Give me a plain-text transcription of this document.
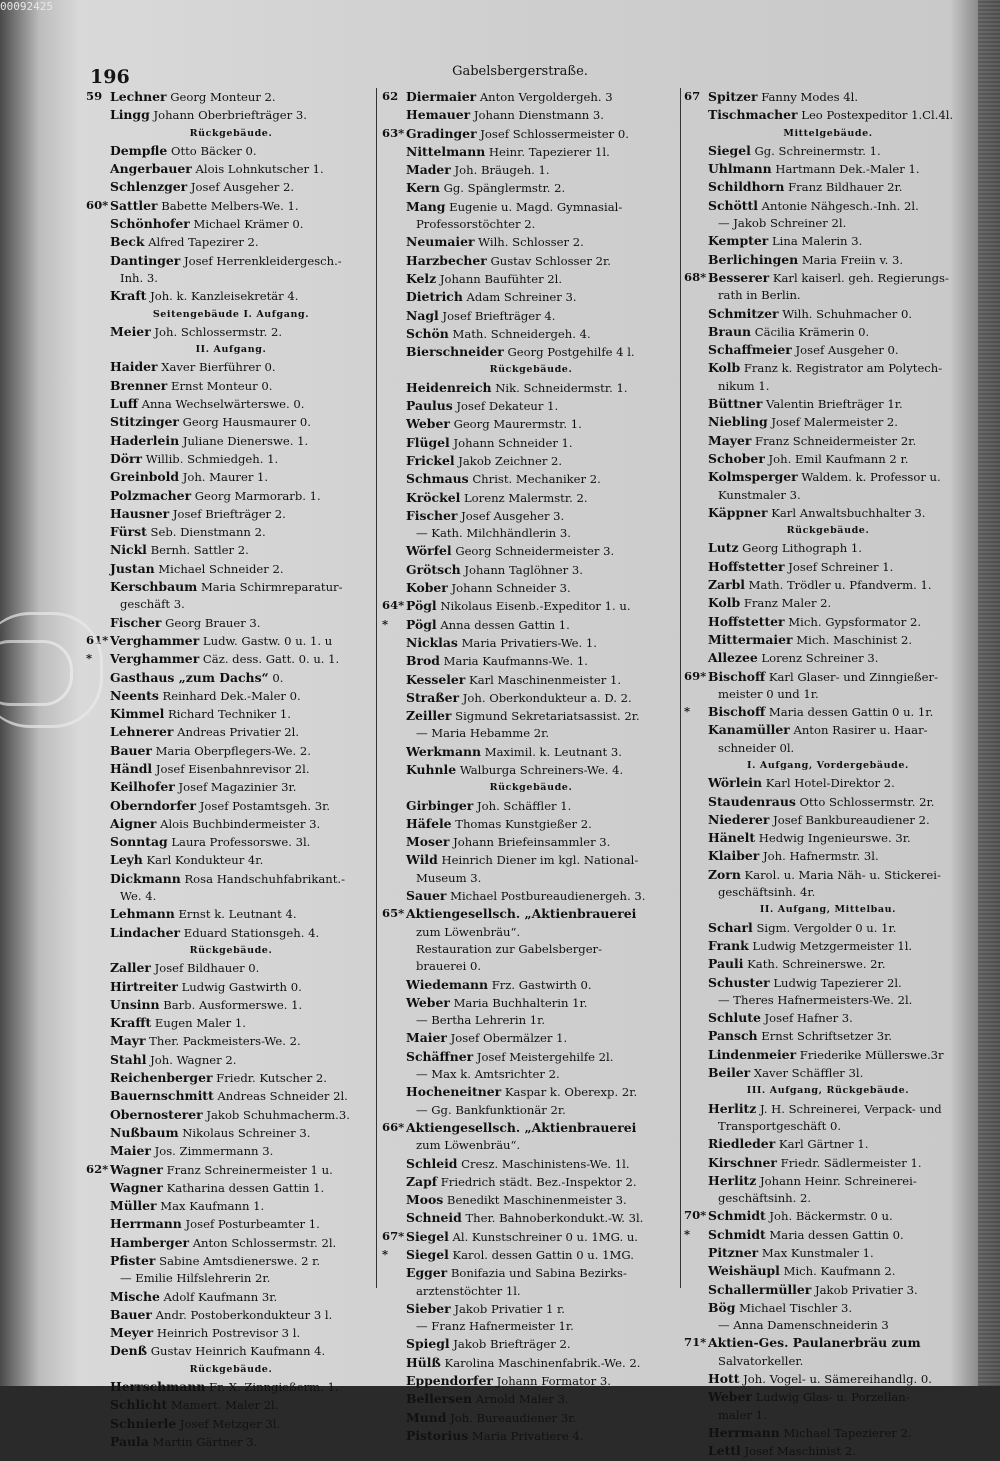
00092425
196	Gabelsbergerstraße.
59 Lechner Georg Monteur 2.
Lingg Johann Oberbriefträger 3.
Rückgebäude.
Dempfle Otto Bäcker 0.
Angerbauer Alois Lohnkutscher 1.
Schlenzger Josef Ausgeher 2.
60* Sattler Babette Melbers-We. 1.
Schönhofer Michael Krämer 0.
Beck Alfred Tapezirer 2.
Dantinger Josef Herrenkleidergesch.-
Inh. 3.
Kraft Joh. k. Kanzleisekretär 4.
Seitengebäude I. Aufgang.
Meier Joh. Schlossermstr. 2.
II. Aufgang.
Haider Xaver Bierführer 0.
Brenner Ernst Monteur 0.
Luff Anna Wechselwärterswe. 0.
Stitzinger Georg Hausmaurer 0.
Haderlein Juliane Dienerswe. 1.
Dörr Willib. Schmiedgeh. 1.
Greinbold Joh. Maurer 1.
Polzmacher Georg Marmorarb. 1.
Hausner Josef Briefträger 2.
Fürst Seb. Dienstmann 2.
Nickl Bernh. Sattler 2.
Justan Michael Schneider 2.
Kerschbaum Maria Schirmreparatur-
geschäft 3.
Fischer Georg Brauer 3.
61* Verghammer Ludw. Gastw. 0 u. 1. u
* Verghammer Cäz. dess. Gatt. 0. u. 1.
Gasthaus „zum Dachs“ 0.
Neents Reinhard Dek.-Maler 0.
Kimmel Richard Techniker 1.
Lehnerer Andreas Privatier 2l.
Bauer Maria Oberpflegers-We. 2.
Händl Josef Eisenbahnrevisor 2l.
Keilhofer Josef Magazinier 3r.
Oberndorfer Josef Postamtsgeh. 3r.
Aigner Alois Buchbindermeister 3.
Sonntag Laura Professorswe. 3l.
Leyh Karl Kondukteur 4r.
Dickmann Rosa Handschuhfabrikant.-
We. 4.
Lehmann Ernst k. Leutnant 4.
Lindacher Eduard Stationsgeh. 4.
Rückgebäude.
Zaller Josef Bildhauer 0.
Hirtreiter Ludwig Gastwirth 0.
Unsinn Barb. Ausformerswe. 1.
Krafft Eugen Maler 1.
Mayr Ther. Packmeisters-We. 2.
Stahl Joh. Wagner 2.
Reichenberger Friedr. Kutscher 2.
Bauernschmitt Andreas Schneider 2l.
Obernosterer Jakob Schuhmacherm.3.
Nußbaum Nikolaus Schreiner 3.
Maier Jos. Zimmermann 3.
62* Wagner Franz Schreinermeister 1 u.
Wagner Katharina dessen Gattin 1.
Müller Max Kaufmann 1.
Herrmann Josef Posturbeamter 1.
Hamberger Anton Schlossermstr. 2l.
Pfister Sabine Amtsdienerswe. 2 r.
— Emilie Hilfslehrerin 2r.
Mische Adolf Kaufmann 3r.
Bauer Andr. Postoberkondukteur 3 l.
Meyer Heinrich Postrevisor 3 l.
Denß Gustav Heinrich Kaufmann 4.
Rückgebäude.
Herrschmann Fr. X. Zinngießerm. 1.
Schlicht Mamert. Maler 2l.
Schnierle Josef Metzger 3l.
Paula Martin Gärtner 3.
62 Diermaier Anton Vergoldergeh. 3
Hemauer Johann Dienstmann 3.
63* Gradinger Josef Schlossermeister 0.
Nittelmann Heinr. Tapezierer 1l.
Mader Joh. Bräugeh. 1.
Kern Gg. Spänglermstr. 2.
Mang Eugenie u. Magd. Gymnasial-
Professorstöchter 2.
Neumaier Wilh. Schlosser 2.
Harzbecher Gustav Schlosser 2r.
Kelz Johann Baufühter 2l.
Dietrich Adam Schreiner 3.
Nagl Josef Briefträger 4.
Schön Math. Schneidergeh. 4.
Bierschneider Georg Postgehilfe 4 l.
Rückgebäude.
Heidenreich Nik. Schneidermstr. 1.
Paulus Josef Dekateur 1.
Weber Georg Maurermstr. 1.
Flügel Johann Schneider 1.
Frickel Jakob Zeichner 2.
Schmaus Christ. Mechaniker 2.
Kröckel Lorenz Malermstr. 2.
Fischer Josef Ausgeher 3.
— Kath. Milchhändlerin 3.
Wörfel Georg Schneidermeister 3.
Grötsch Johann Taglöhner 3.
Kober Johann Schneider 3.
64* Pögl Nikolaus Eisenb.-Expeditor 1. u.
* Pögl Anna dessen Gattin 1.
Nicklas Maria Privatiers-We. 1.
Brod Maria Kaufmanns-We. 1.
Kesseler Karl Maschinenmeister 1.
Straßer Joh. Oberkondukteur a. D. 2.
Zeiller Sigmund Sekretariatsassist. 2r.
— Maria Hebamme 2r.
Werkmann Maximil. k. Leutnant 3.
Kuhnle Walburga Schreiners-We. 4.
Rückgebäude.
Girbinger Joh. Schäffler 1.
Häfele Thomas Kunstgießer 2.
Moser Johann Briefeinsammler 3.
Wild Heinrich Diener im kgl. National-
Museum 3.
Sauer Michael Postbureaudienergeh. 3.
65* Aktiengesellsch. „Aktienbrauerei
zum Löwenbräu“.
Restauration zur Gabelsberger-
brauerei 0.
Wiedemann Frz. Gastwirth 0.
Weber Maria Buchhalterin 1r.
— Bertha Lehrerin 1r.
Maier Josef Obermälzer 1.
Schäffner Josef Meistergehilfe 2l.
— Max k. Amtsrichter 2.
Hocheneitner Kaspar k. Oberexp. 2r.
— Gg. Bankfunktionär 2r.
66* Aktiengesellsch. „Aktienbrauerei
zum Löwenbräu“.
Schleid Cresz. Maschinistens-We. 1l.
Zapf Friedrich städt. Bez.-Inspektor 2.
Moos Benedikt Maschinenmeister 3.
Schneid Ther. Bahnoberkondukt.-W. 3l.
67* Siegel Al. Kunstschreiner 0 u. 1MG. u.
* Siegel Karol. dessen Gattin 0 u. 1MG.
Egger Bonifazia und Sabina Bezirks-
arztenstöchter 1l.
Sieber Jakob Privatier 1 r.
— Franz Hafnermeister 1r.
Spiegl Jakob Briefträger 2.
Hülß Karolina Maschinenfabrik.-We. 2.
Eppendorfer Johann Formator 3.
Bellersen Arnold Maler 3.
Mund Joh. Bureaudiener 3r.
Pistorius Maria Privatiere 4.
67 Spitzer Fanny Modes 4l.
Tischmacher Leo Postexpeditor 1.Cl.4l.
Mittelgebäude.
Siegel Gg. Schreinermstr. 1.
Uhlmann Hartmann Dek.-Maler 1.
Schildhorn Franz Bildhauer 2r.
Schöttl Antonie Nähgesch.-Inh. 2l.
— Jakob Schreiner 2l.
Kempter Lina Malerin 3.
Berlichingen Maria Freiin v. 3.
68* Besserer Karl kaiserl. geh. Regierungs-
rath in Berlin.
Schmitzer Wilh. Schuhmacher 0.
Braun Cäcilia Krämerin 0.
Schaffmeier Josef Ausgeher 0.
Kolb Franz k. Registrator am Polytech-
nikum 1.
Büttner Valentin Briefträger 1r.
Niebling Josef Malermeister 2.
Mayer Franz Schneidermeister 2r.
Schober Joh. Emil Kaufmann 2 r.
Kolmsperger Waldem. k. Professor u.
Kunstmaler 3.
Käppner Karl Anwaltsbuchhalter 3.
Rückgebäude.
Lutz Georg Lithograph 1.
Hoffstetter Josef Schreiner 1.
Zarbl Math. Trödler u. Pfandverm. 1.
Kolb Franz Maler 2.
Hoffstetter Mich. Gypsformator 2.
Mittermaier Mich. Maschinist 2.
Allezee Lorenz Schreiner 3.
69* Bischoff Karl Glaser- und Zinngießer-
meister 0 und 1r.
* Bischoff Maria dessen Gattin 0 u. 1r.
Kanamüller Anton Rasirer u. Haar-
schneider 0l.
I. Aufgang, Vordergebäude.
Wörlein Karl Hotel-Direktor 2.
Staudenraus Otto Schlossermstr. 2r.
Niederer Josef Bankbureaudiener 2.
Hänelt Hedwig Ingenieurswe. 3r.
Klaiber Joh. Hafnermstr. 3l.
Zorn Karol. u. Maria Näh- u. Stickerei-
geschäftsinh. 4r.
II. Aufgang, Mittelbau.
Scharl Sigm. Vergolder 0 u. 1r.
Frank Ludwig Metzgermeister 1l.
Pauli Kath. Schreinerswe. 2r.
Schuster Ludwig Tapezierer 2l.
— Theres Hafnermeisters-We. 2l.
Schlute Josef Hafner 3.
Pansch Ernst Schriftsetzer 3r.
Lindenmeier Friederike Müllerswe.3r
Beiler Xaver Schäffler 3l.
III. Aufgang, Rückgebäude.
Herlitz J. H. Schreinerei, Verpack- und
Transportgeschäft 0.
Riedleder Karl Gärtner 1.
Kirschner Friedr. Sädlermeister 1.
Herlitz Johann Heinr. Schreinerei-
geschäftsinh. 2.
70* Schmidt Joh. Bäckermstr. 0 u.
* Schmidt Maria dessen Gattin 0.
Pitzner Max Kunstmaler 1.
Weishäupl Mich. Kaufmann 2.
Schallermüller Jakob Privatier 3.
Bög Michael Tischler 3.
— Anna Damenschneiderin 3
71* Aktien-Ges. Paulanerbräu zum
Salvatorkeller.
Hott Joh. Vogel- u. Sämereihandlg. 0.
Weber Ludwig Glas- u. Porzellan-
maler 1.
Herrmann Michael Tapezierer 2.
Lettl Josef Maschinist 2.
